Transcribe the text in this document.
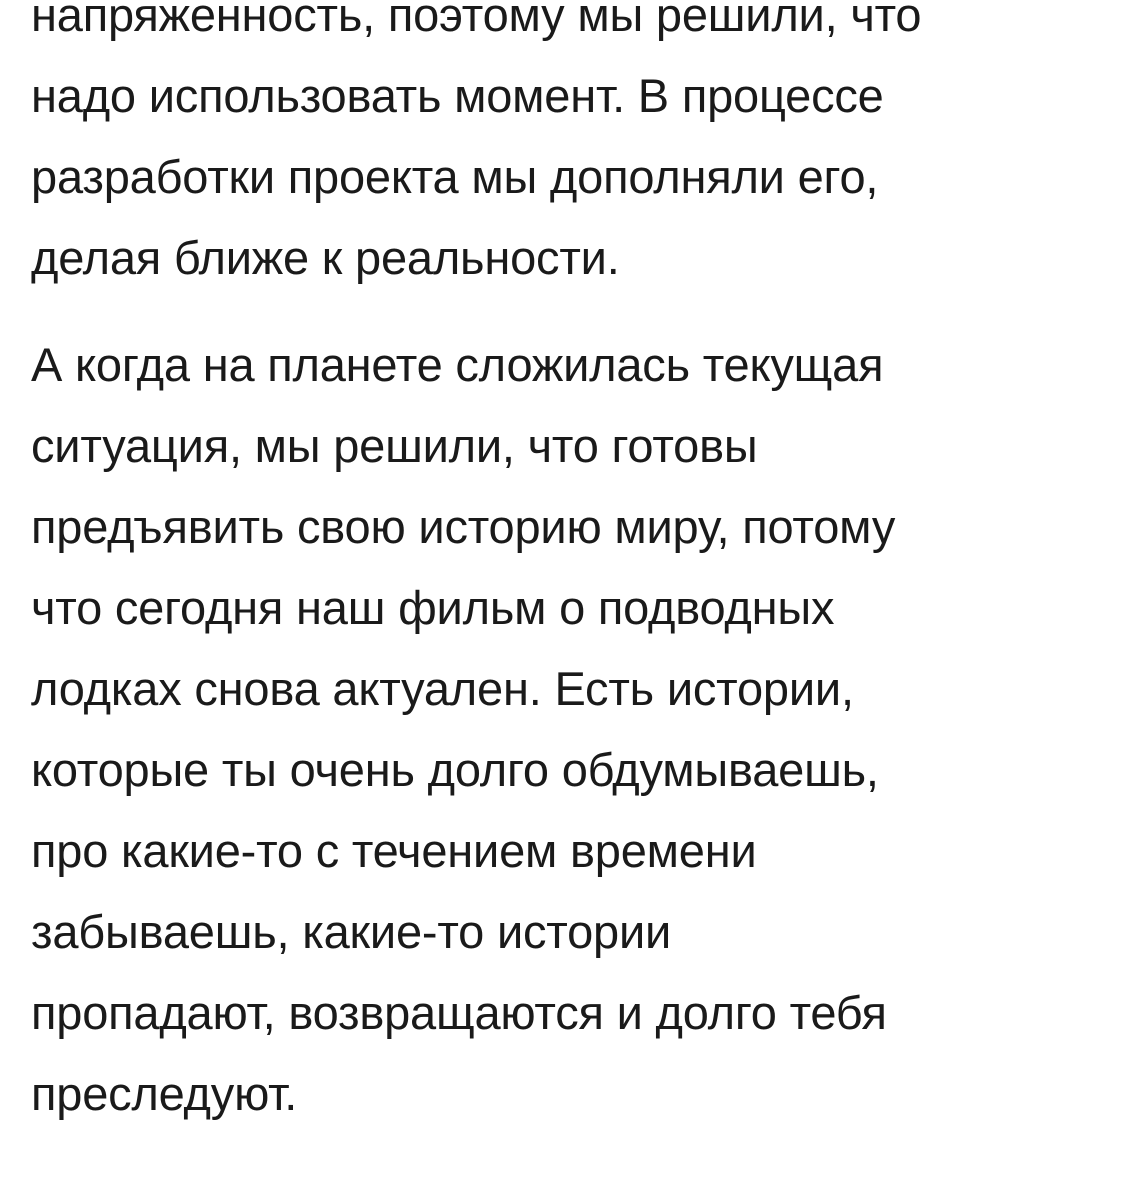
напряженность, поэтому мы решили, что
надо использовать момент. В процессе
разработки проекта мы дополняли его,
делая ближе к реальности.

А когда на планете сложилась текущая
ситуация, мы решили, что готовы
предъявить свою историю миру, потому
что сегодня наш фильм о подводных
лодках снова актуален. Есть истории,
которые ты очень долго обдумываешь,
про какие-то с течением времени
забываешь, какие-то истории
пропадают, возвращаются и долго тебя
преследуют.
